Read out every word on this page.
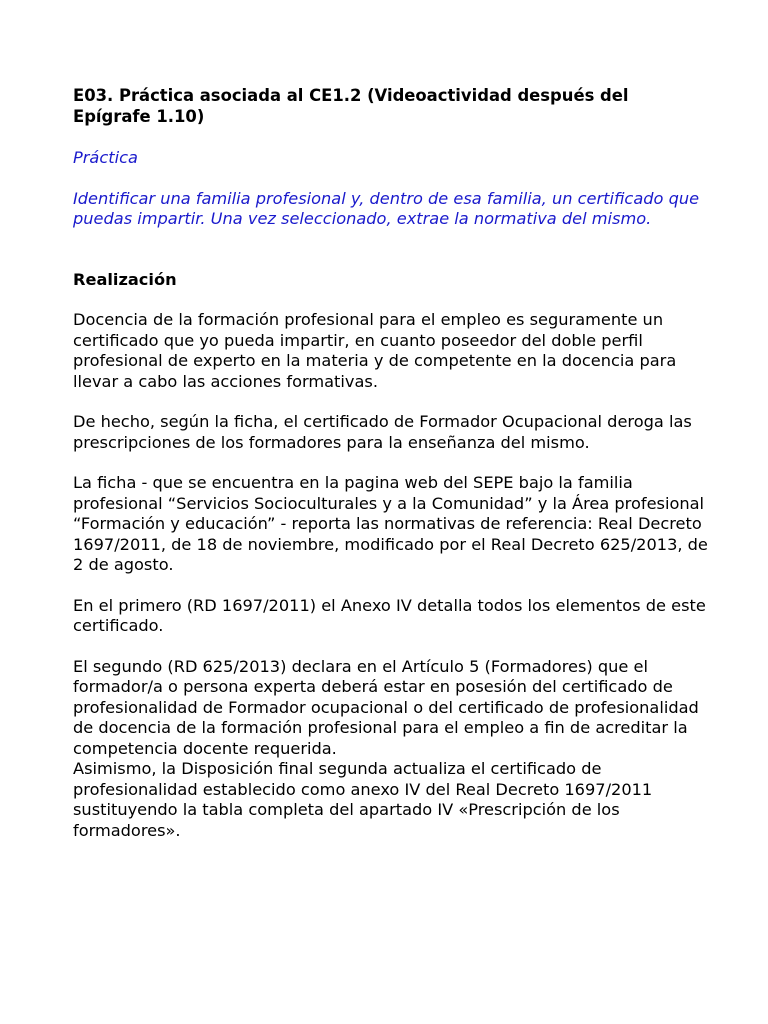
E03. Práctica asociada al CE1.2 (Videoactividad después del Epígrafe 1.10)

Práctica

Identificar una familia profesional y, dentro de esa familia, un certificado que puedas impartir. Una vez seleccionado, extrae la normativa del mismo.

Realización

Docencia de la formación profesional para el empleo es seguramente un certificado que yo pueda impartir, en cuanto poseedor del doble perfil profesional de experto en la materia y de competente en la docencia para llevar a cabo las acciones formativas.

De hecho, según la ficha, el certificado de Formador Ocupacional deroga las prescripciones de los formadores para la enseñanza del mismo.

La ficha - que se encuentra en la pagina web del SEPE bajo la familia profesional “Servicios Socioculturales y a la Comunidad” y la Área profesional “Formación y educación” - reporta las normativas de referencia: Real Decreto 1697/2011, de 18 de noviembre, modificado por el Real Decreto 625/2013, de 2 de agosto.

En el primero (RD 1697/2011) el Anexo IV detalla todos los elementos de este certificado.

El segundo (RD 625/2013) declara en el Artículo 5 (Formadores) que el formador/a o persona experta deberá estar en posesión del certificado de profesionalidad de Formador ocupacional o del certificado de profesionalidad de docencia de la formación profesional para el empleo a fin de acreditar la competencia docente requerida.

Asimismo, la Disposición final segunda actualiza el certificado de profesionalidad establecido como anexo IV del Real Decreto 1697/2011 sustituyendo la tabla completa del apartado IV «Prescripción de los formadores».
